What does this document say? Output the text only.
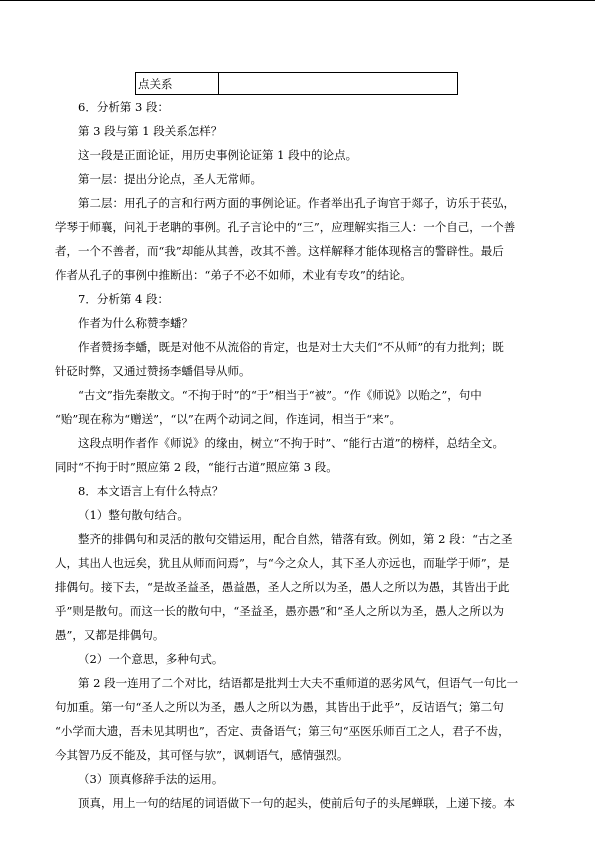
点关系	
6．分析第 3 段：
第 3 段与第 1 段关系怎样？
这一段是正面论证，用历史事例论证第 1 段中的论点。
第一层：提出分论点，圣人无常师。
第二层：用孔子的言和行两方面的事例论证。作者举出孔子询官于郯子，访乐于苌弘，
学琴于师襄，问礼于老聃的事例。孔子言论中的“三”，应理解实指三人：一个自己，一个善
者，一个不善者，而“我”却能从其善，改其不善。这样解释才能体现格言的警辟性。最后
作者从孔子的事例中推断出：“弟子不必不如师，术业有专攻”的结论。
7．分析第 4 段：
作者为什么称赞李蟠？
作者赞扬李蟠，既是对他不从流俗的肯定，也是对士大夫们“不从师”的有力批判；既
针砭时弊，又通过赞扬李蟠倡导从师。
“古文”指先秦散文。“不拘于时”的“于”相当于“被”。“作《师说》以贻之”，句中
“贻”现在称为“赠送”，“以”在两个动词之间，作连词，相当于“来”。
这段点明作者作《师说》的缘由，树立“不拘于时”、“能行古道”的榜样，总结全文。
同时“不拘于时”照应第 2 段，“能行古道”照应第 3 段。
8．本文语言上有什么特点？
（1）整句散句结合。
整齐的排偶句和灵活的散句交错运用，配合自然，错落有致。例如，第 2 段：“古之圣
人，其出人也远矣，犹且从师而问焉”，与“今之众人，其下圣人亦远也，而耻学于师”，是
排偶句。接下去，“是故圣益圣，愚益愚，圣人之所以为圣，愚人之所以为愚，其皆出于此
乎”则是散句。而这一长的散句中，“圣益圣，愚亦愚”和“圣人之所以为圣，愚人之所以为
愚”，又都是排偶句。
（2）一个意思，多种句式。
第 2 段一连用了二个对比，结语都是批判士大夫不重师道的恶劣风气，但语气一句比一
句加重。第一句“圣人之所以为圣，愚人之所以为愚，其皆出于此乎”，反诘语气；第二句
“小学而大遗，吾未见其明也”，否定、责备语气；第三句“巫医乐师百工之人，君子不齿，
今其智乃反不能及，其可怪与欤”，讽刺语气，感情强烈。
（3）顶真修辞手法的运用。
顶真，用上一句的结尾的词语做下一句的起头，使前后句子的头尾蝉联，上递下接。本
